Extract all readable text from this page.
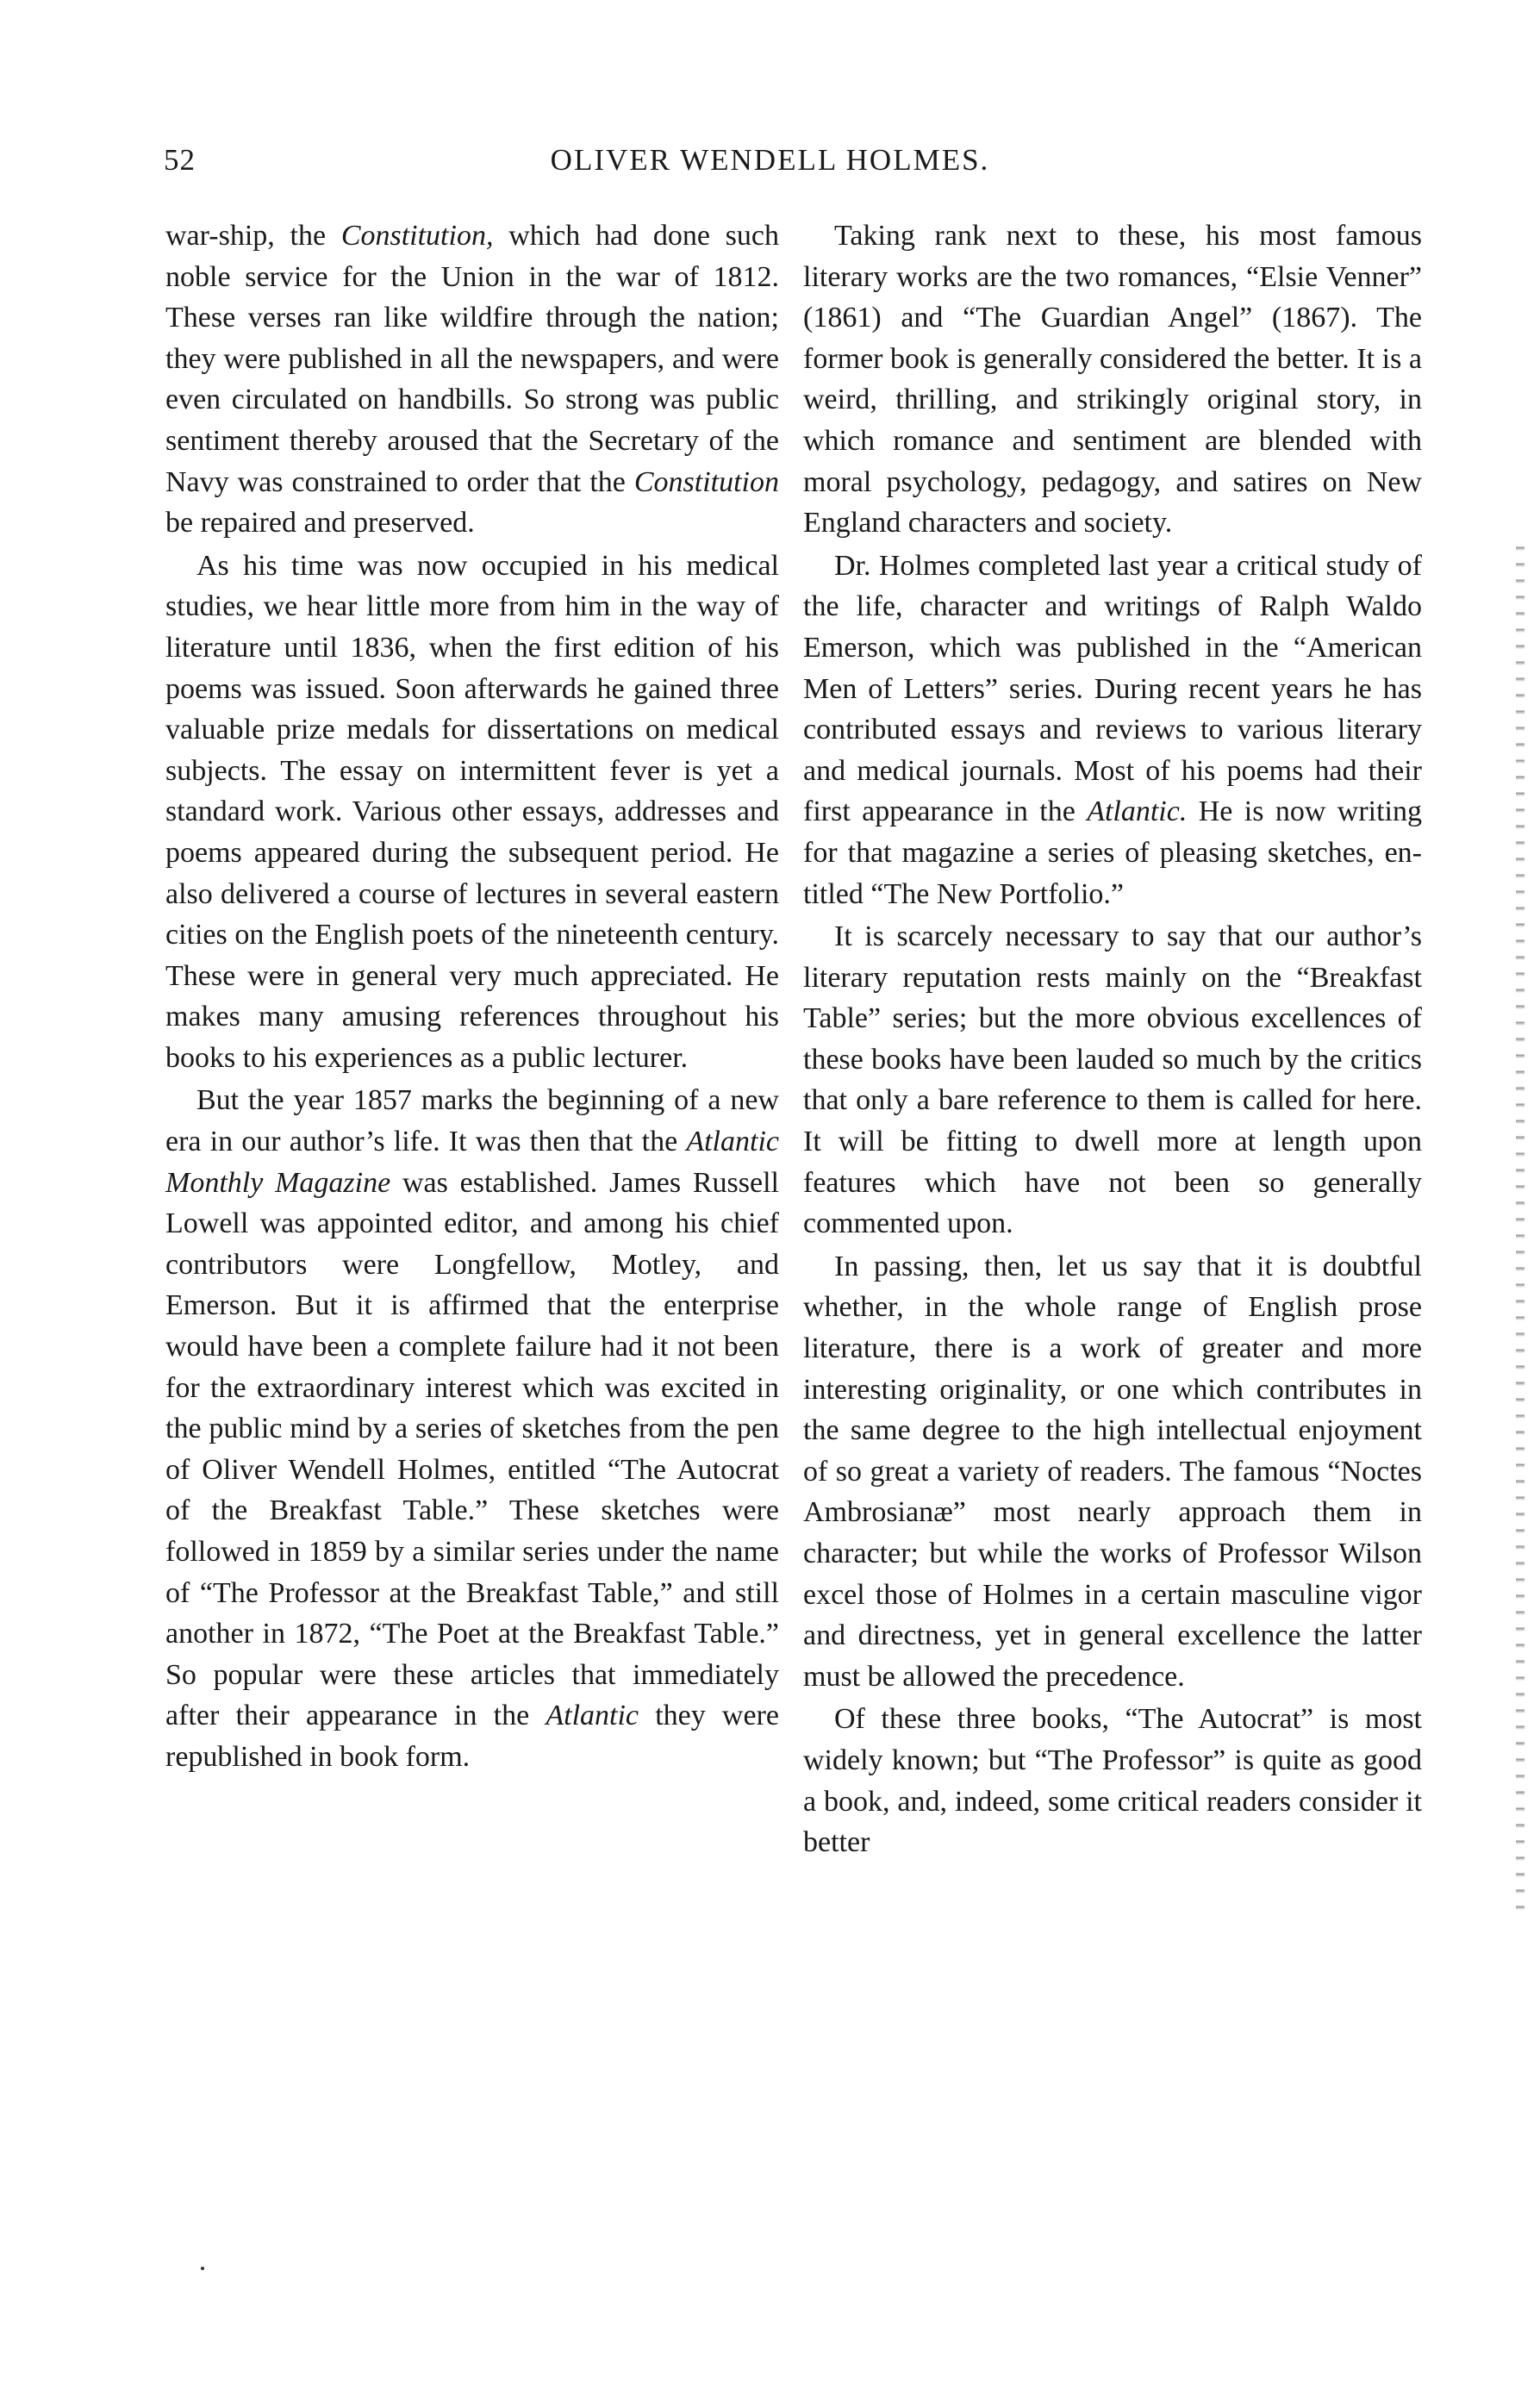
52	OLIVER WENDELL HOLMES.

war-ship, the Constitution, which had done such noble service for the Union in the war of 1812. These verses ran like wildfire through the nation; they were published in all the newspapers, and were even circulated on handbills. So strong was public sentiment thereby aroused that the Secretary of the Navy was constrained to order that the Constitution be repaired and preserved.

As his time was now occupied in his medical studies, we hear little more from him in the way of literature until 1836, when the first edition of his poems was issued. Soon afterwards he gained three valuable prize medals for dissertations on medical subjects. The essay on intermittent fever is yet a standard work. Various other essays, addresses and poems appeared during the subsequent period. He also delivered a course of lectures in several eastern cities on the English poets of the nineteenth century. These were in general very much appreciated. He makes many amusing references throughout his books to his experiences as a public lecturer.

But the year 1857 marks the beginning of a new era in our author’s life. It was then that the Atlantic Monthly Magazine was established. James Russell Lowell was appointed editor, and among his chief contributors were Longfellow, Motley, and Emerson. But it is affirmed that the enterprise would have been a complete failure had it not been for the extraordinary interest which was excited in the public mind by a series of sketches from the pen of Oliver Wendell Holmes, entitled “The Autocrat of the Breakfast Table.” These sketches were followed in 1859 by a similar series under the name of “The Professor at the Breakfast Table,” and still another in 1872, “The Poet at the Breakfast Table.” So popular were these articles that immediately after their appearance in the Atlantic they were republished in book form.

Taking rank next to these, his most famous literary works are the two romances, “Elsie Venner” (1861) and “The Guardian Angel” (1867). The former book is generally considered the better. It is a weird, thrilling, and strikingly original story, in which romance and sentiment are blended with moral psychology, pedagogy, and satires on New England characters and society.

Dr. Holmes completed last year a critical study of the life, character and writings of Ralph Waldo Emerson, which was published in the “American Men of Letters” series. During recent years he has contributed essays and reviews to various literary and medical journals. Most of his poems had their first appearance in the Atlantic. He is now writing for that magazine a series of pleasing sketches, entitled “The New Portfolio.”

It is scarcely necessary to say that our author’s literary reputation rests mainly on the “Breakfast Table” series; but the more obvious excellences of these books have been lauded so much by the critics that only a bare reference to them is called for here. It will be fitting to dwell more at length upon features which have not been so generally commented upon.

In passing, then, let us say that it is doubtful whether, in the whole range of English prose literature, there is a work of greater and more interesting originality, or one which contributes in the same degree to the high intellectual enjoyment of so great a variety of readers. The famous “Noctes Ambrosianæ” most nearly approach them in character; but while the works of Professor Wilson excel those of Holmes in a certain masculine vigor and directness, yet in general excellence the latter must be allowed the precedence.

Of these three books, “The Autocrat” is most widely known; but “The Professor” is quite as good a book, and, indeed, some critical readers consider it better
